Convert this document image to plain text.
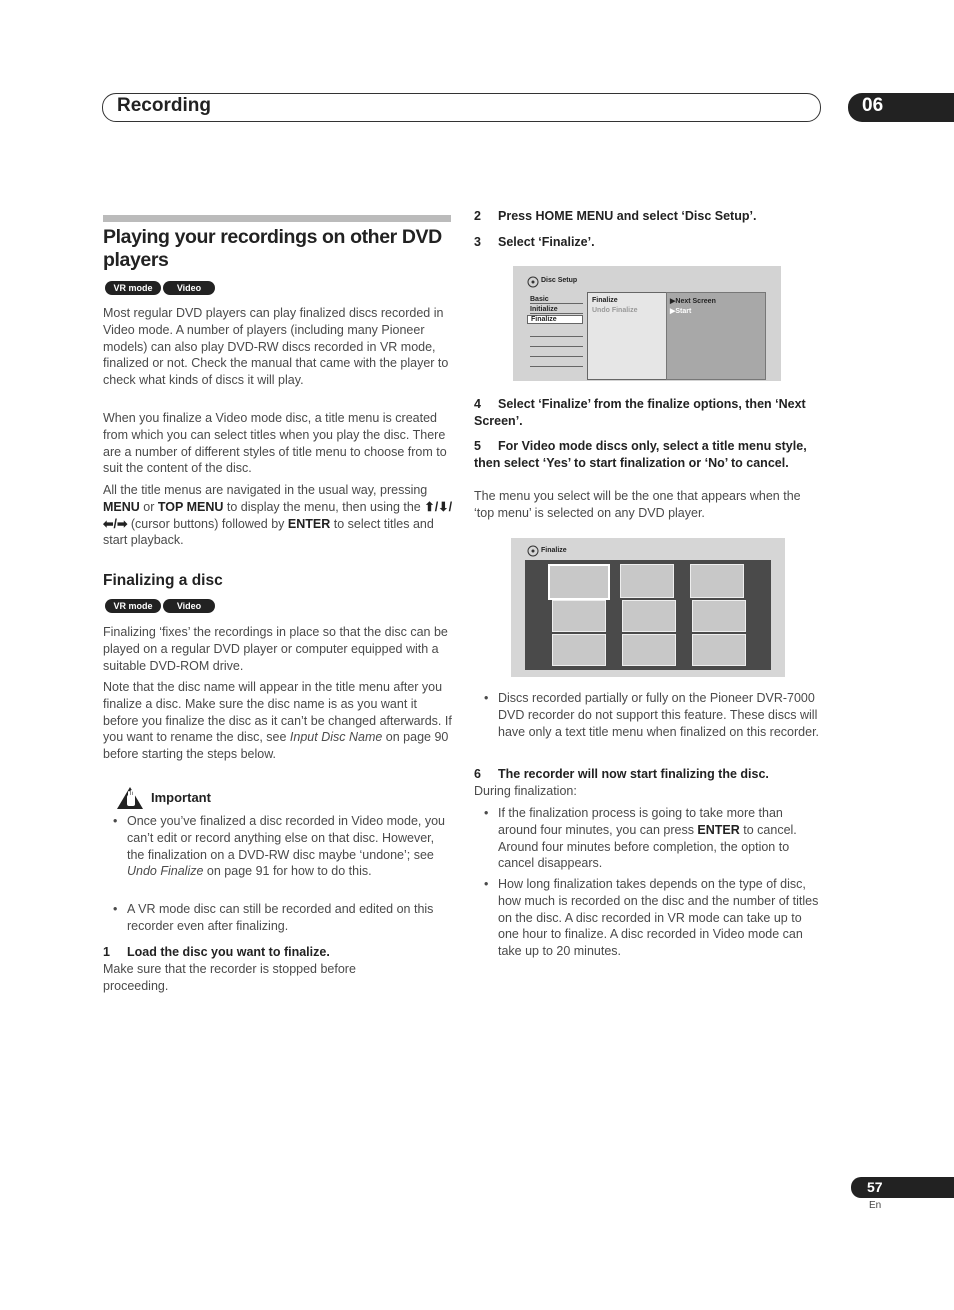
Recording	06
Playing your recordings on other DVD players
VR mode	Video mode
Most regular DVD players can play finalized discs recorded in Video mode. A number of players (including many Pioneer models) can also play DVD-RW discs recorded in VR mode, finalized or not. Check the manual that came with the player to check what kinds of discs it will play.
When you finalize a Video mode disc, a title menu is created from which you can select titles when you play the disc. There are a number of different styles of title menu to choose from to suit the content of the disc.
All the title menus are navigated in the usual way, pressing MENU or TOP MENU to display the menu, then using the ⬆/⬇/⬅/➡ (cursor buttons) followed by ENTER to select titles and start playback.
Finalizing a disc
VR mode	Video mode
Finalizing ‘fixes’ the recordings in place so that the disc can be played on a regular DVD player or computer equipped with a suitable DVD-ROM drive.
Note that the disc name will appear in the title menu after you finalize a disc. Make sure the disc name is as you want it before you finalize the disc as it can’t be changed afterwards. If you want to rename the disc, see Input Disc Name on page 90 before starting the steps below.
Important
• Once you’ve finalized a disc recorded in Video mode, you can’t edit or record anything else on that disc. However, the finalization on a DVD-RW disc maybe ‘undone’; see Undo Finalize on page 91 for how to do this.
• A VR mode disc can still be recorded and edited on this recorder even after finalizing.
1 Load the disc you want to finalize.
Make sure that the recorder is stopped before proceeding.
2 Press HOME MENU and select ‘Disc Setup’.
3 Select ‘Finalize’.
Disc Setup
Basic
Initialize
Finalize
Finalize
Undo Finalize
▶Next Screen
▶Start
4 Select ‘Finalize’ from the finalize options, then ‘Next Screen’.
5 For Video mode discs only, select a title menu style, then select ‘Yes’ to start finalization or ‘No’ to cancel.
The menu you select will be the one that appears when the ‘top menu’ is selected on any DVD player.
Finalize
• Discs recorded partially or fully on the Pioneer DVR-7000 DVD recorder do not support this feature. These discs will have only a text title menu when finalized on this recorder.
6 The recorder will now start finalizing the disc.
During finalization:
• If the finalization process is going to take more than around four minutes, you can press ENTER to cancel. Around four minutes before completion, the option to cancel disappears.
• How long finalization takes depends on the type of disc, how much is recorded on the disc and the number of titles on the disc. A disc recorded in VR mode can take up to one hour to finalize. A disc recorded in Video mode can take up to 20 minutes.
57
En
